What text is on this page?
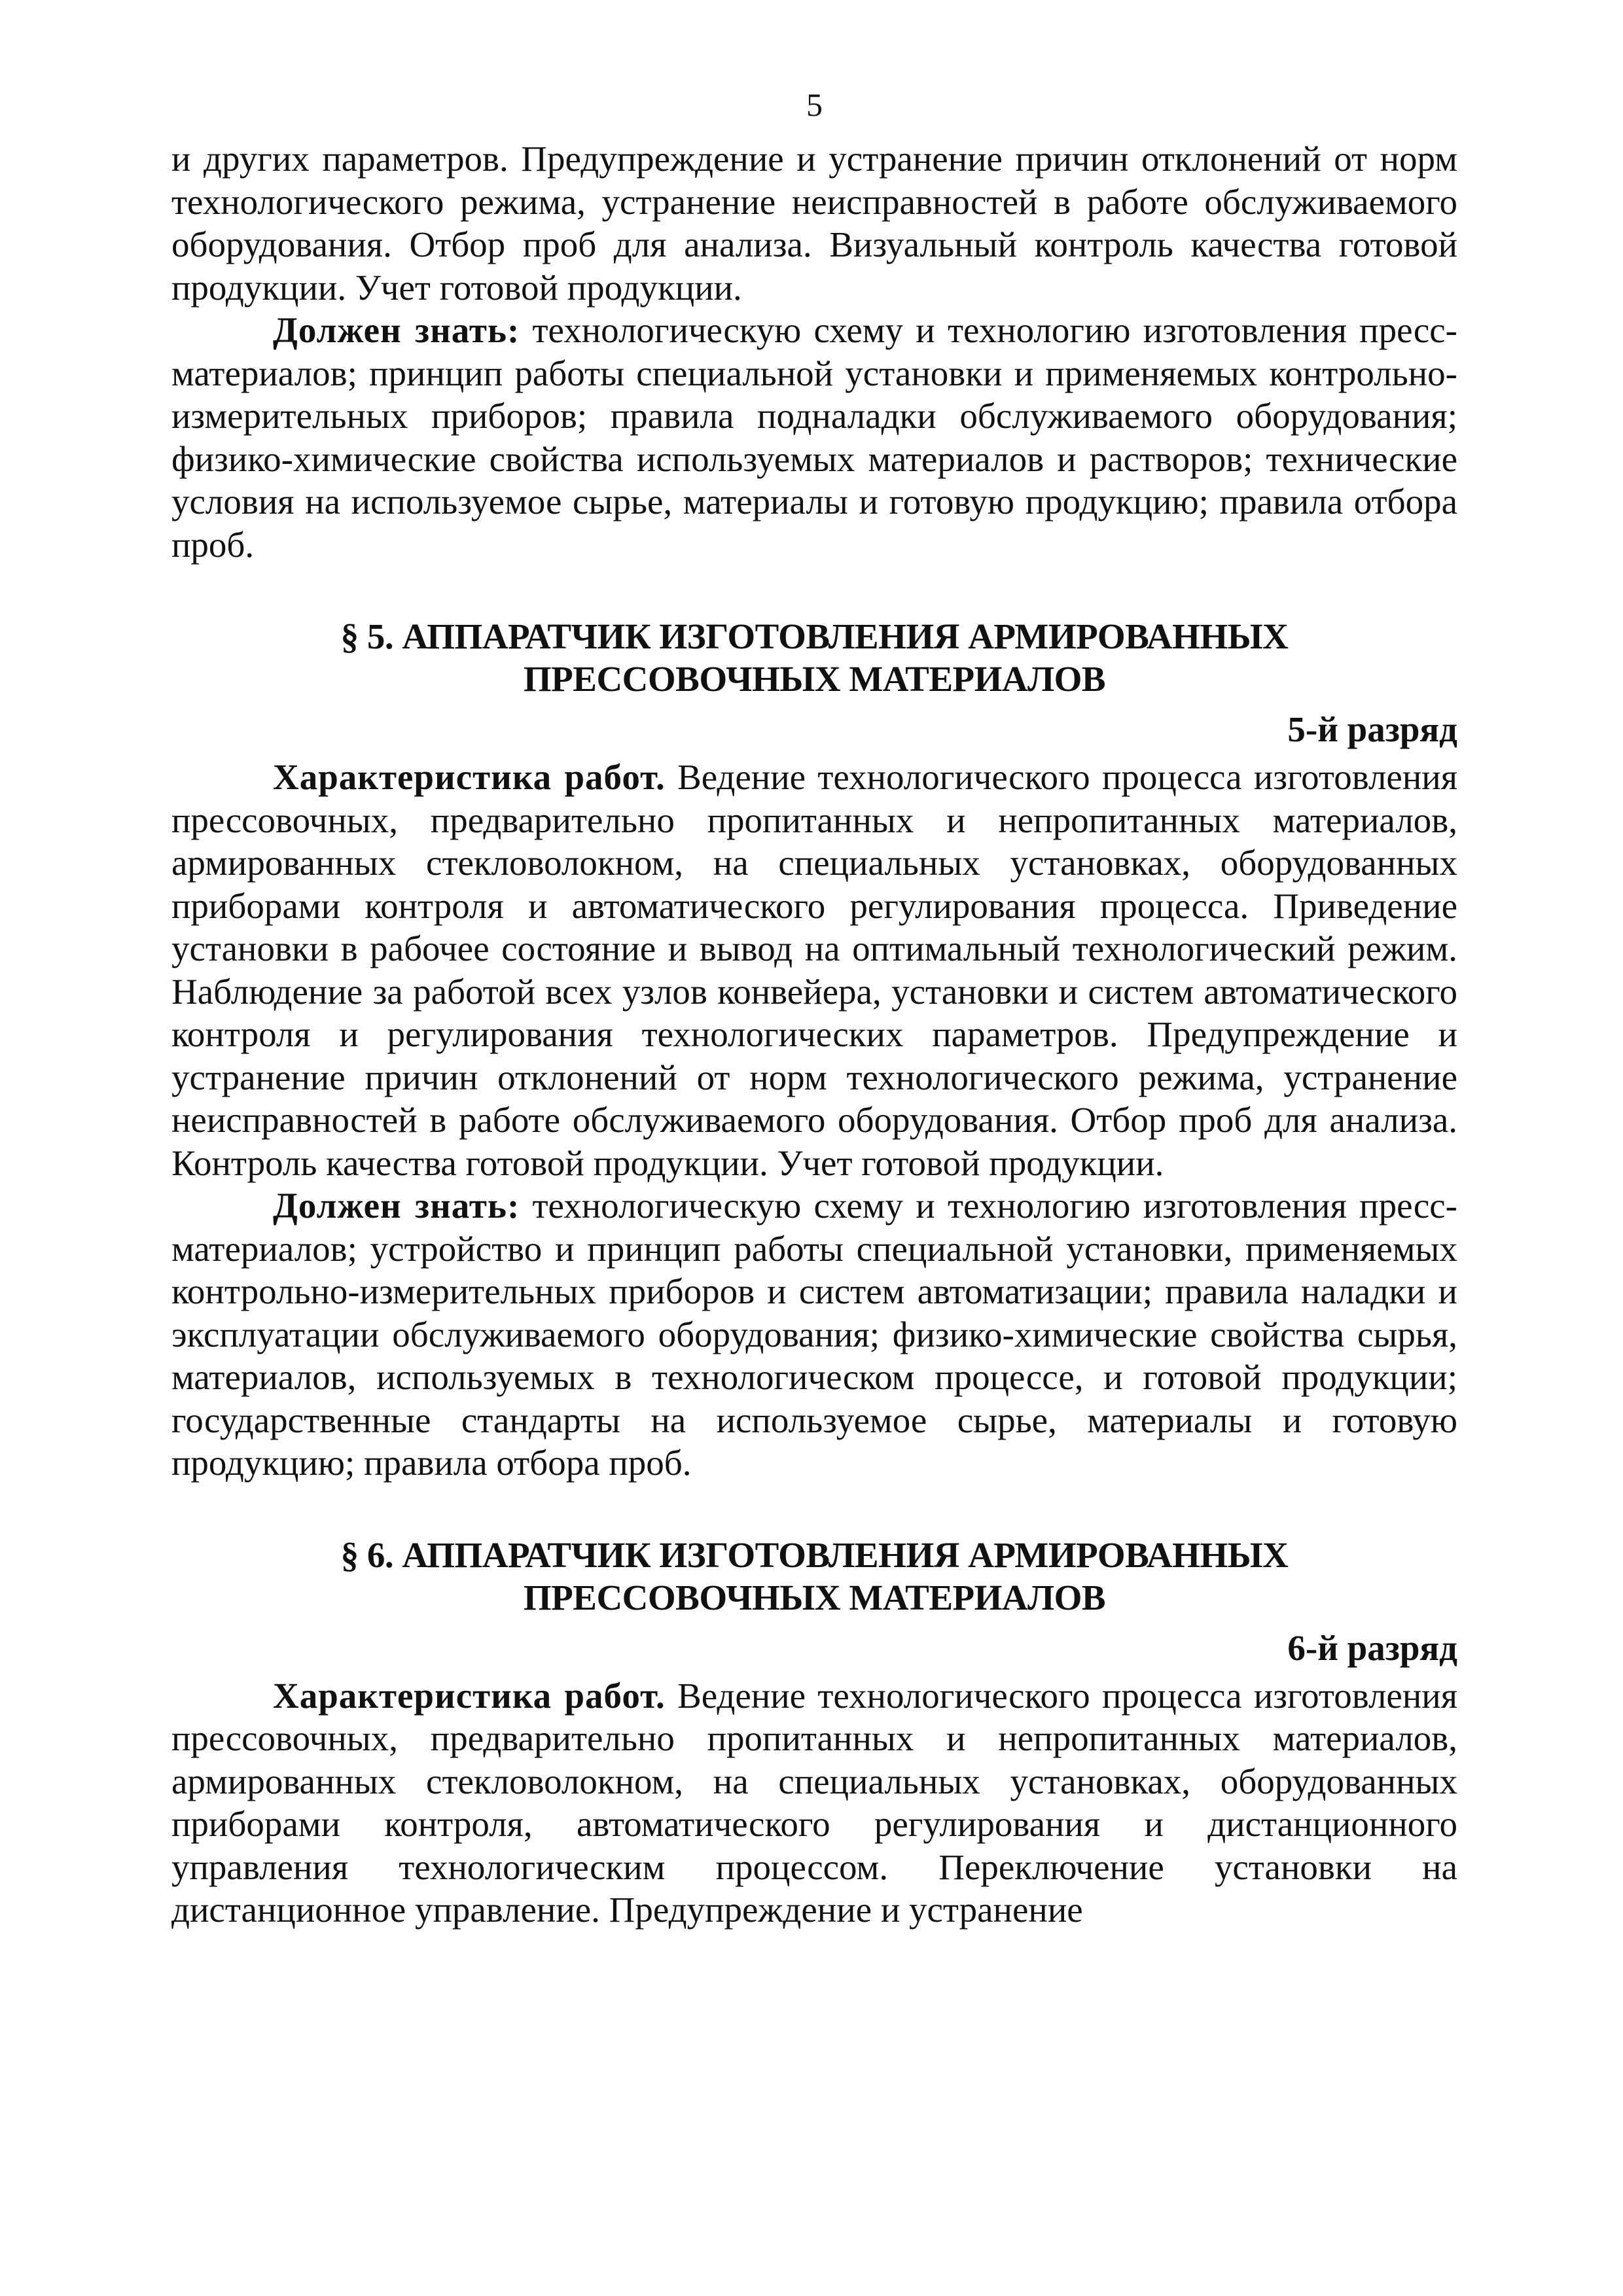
5

и других параметров. Предупреждение и устранение причин отклонений от норм технологического режима, устранение неисправностей в работе обслуживаемого оборудования. Отбор проб для анализа. Визуальный контроль качества готовой продукции. Учет готовой продукции.

Должен знать: технологическую схему и технологию изготовления пресс-материалов; принцип работы специальной установки и применяемых контрольно-измерительных приборов; правила подналадки обслуживаемого оборудования; физико-химические свойства используемых материалов и растворов; технические условия на используемое сырье, материалы и готовую продукцию; правила отбора проб.

§ 5. АППАРАТЧИК ИЗГОТОВЛЕНИЯ АРМИРОВАННЫХ
ПРЕССОВОЧНЫХ МАТЕРИАЛОВ
5-й разряд

Характеристика работ. Ведение технологического процесса изготовления прессовочных, предварительно пропитанных и непропитанных материалов, армированных стекловолокном, на специальных установках, оборудованных приборами контроля и автоматического регулирования процесса. Приведение установки в рабочее состояние и вывод на оптимальный технологический режим. Наблюдение за работой всех узлов конвейера, установки и систем автоматического контроля и регулирования технологических параметров. Предупреждение и устранение причин отклонений от норм технологического режима, устранение неисправностей в работе обслуживаемого оборудования. Отбор проб для анализа. Контроль качества готовой продукции. Учет готовой продукции.

Должен знать: технологическую схему и технологию изготовления пресс-материалов; устройство и принцип работы специальной установки, применяемых контрольно-измерительных приборов и систем автоматизации; правила наладки и эксплуатации обслуживаемого оборудования; физико-химические свойства сырья, материалов, используемых в технологическом процессе, и готовой продукции; государственные стандарты на используемое сырье, материалы и готовую продукцию; правила отбора проб.

§ 6. АППАРАТЧИК ИЗГОТОВЛЕНИЯ АРМИРОВАННЫХ
ПРЕССОВОЧНЫХ МАТЕРИАЛОВ
6-й разряд

Характеристика работ. Ведение технологического процесса изготовления прессовочных, предварительно пропитанных и непропитанных материалов, армированных стекловолокном, на специальных установках, оборудованных приборами контроля, автоматического регулирования и дистанционного управления технологическим процессом. Переключение установки на дистанционное управление. Предупреждение и устранение
